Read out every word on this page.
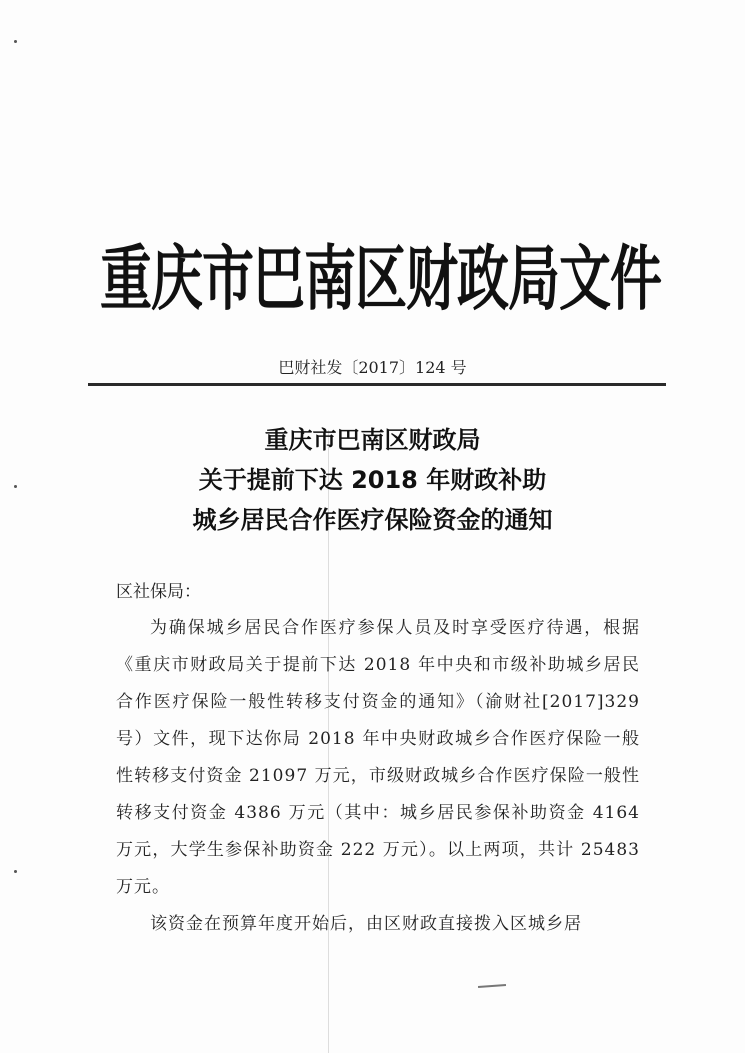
重庆市巴南区财政局文件
巴财社发〔2017〕124 号
重庆市巴南区财政局
关于提前下达 2018 年财政补助
城乡居民合作医疗保险资金的通知
区社保局：

为确保城乡居民合作医疗参保人员及时享受医疗待遇，根据《重庆市财政局关于提前下达 2018 年中央和市级补助城乡居民合作医疗保险一般性转移支付资金的通知》（渝财社[2017]329 号）文件，现下达你局 2018 年中央财政城乡合作医疗保险一般性转移支付资金 21097 万元，市级财政城乡合作医疗保险一般性转移支付资金 4386 万元（其中：城乡居民参保补助资金 4164 万元，大学生参保补助资金 222 万元）。以上两项，共计 25483 万元。

该资金在预算年度开始后，由区财政直接拨入区城乡居
